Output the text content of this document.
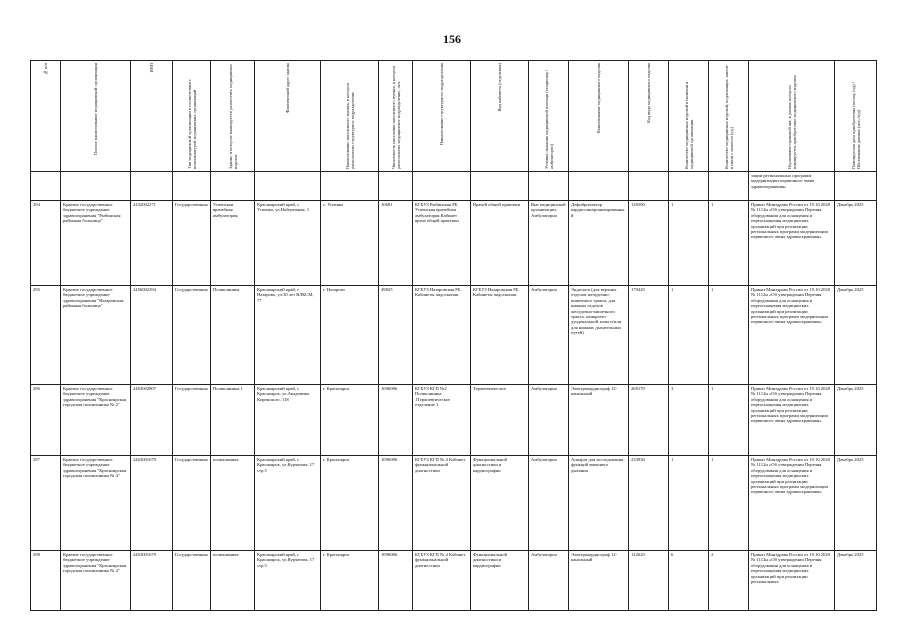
156
№ п/п	Полное наименование медицинской организации	ИНН	Тип медицинской организации в соответствии с номенклатурой медицинских организаций	Здание, в котором планируется разместить медицинское изделие	Фактический адрес здания	Наименование населенного пункта, в котором расположено структурное подразделение	Численность населения населенного пункта, в котором расположено медицинское подразделение, чел.	Наименование структурного подразделения	Вид кабинета (отделения)	Условия оказания медицинской помощи (стационар / амбулаторно)	Наименование медицинского изделия	Код вида медицинского изделия	Количество медицинских изделий в наличии в медицинской организации	Количество медицинских изделий, подлежащих замене в связи с износом (ед.)	Нормативно-правовой акт, в рамках которого планируется приобретение медицинского изделия	Планируемая дата приобретения (месяц, год) / Обоснование данных (мес./год)

															зации региональных программ модернизации первичного звена здравоохранения»	
294	Краевое государственное бюджетное учреждение здравоохранения "Рыбинская районная больница"	2432002271	Государственная	Успенская врачебная амбулатория	Красноярский край, с. Успенка, ул.Набережная, 1	с. Успенка	10681	КГБУЗ Рыбинская РБ Успенская врачебная амбулатория Кабинет врача общей практики	Врачей общей практики	Вне медицинской организации, Амбулаторно	Дефибриллятор кардиосинхронизированный	126500	1	1	Приказ Минздрава России от 19.10.2020 № 1112н «Об утверждении Перечня оборудования для оснащения и переоснащения медицинских организаций при реализации региональных программ модернизации первичного звена здравоохранения»	Декабрь 2025
295	Краевое государственное бюджетное учреждение здравоохранения "Назаровская районная больница"	2456002294	Государственная	Поликлиника	Красноярский край, г. Назарово, ул.30 лет ВЛКСМ, 77	г. Назарово	49825	КГБУЗ Назаровская РБ Кабинеты эндоскопии	КГБУЗ Назаровская РБ Кабинеты эндоскопии	Амбулаторно	Эндоскоп (для верхних отделов желудочно-кишечного тракта, для нижних отделов желудочно-кишечного тракта, панкреато-дуоденальной зоны и/или для нижних дыхательных путей)	179420	1	1	Приказ Минздрава России от 19.10.2020 № 1112н «Об утверждении Перечня оборудования для оснащения и переоснащения медицинских организаций при реализации региональных программ модернизации первичного звена здравоохранения»	Декабрь 2025
296	Краевое государственное бюджетное учреждение здравоохранения "Красноярская городская поликлиника № 2"	2463002807	Государственная	Поликлиника 1	Красноярский край, г. Красноярск, ул.Академика Киренского, 118	г. Красноярск	1096086	КГБУЗ КГП №2 Поликлиника 1Терапевтическое отделение 1	Терапевтическое	Амбулаторно	Электрокардиограф 12-канальный	269170	3	1	Приказ Минздрава России от 19.10.2020 № 1112н «Об утверждении Перечня оборудования для оснащения и переоснащения медицинских организаций при реализации региональных программ модернизации первичного звена здравоохранения»	Декабрь 2025
297	Краевое государственное бюджетное учреждение здравоохранения "Красноярская городская поликлиника № 4"	2463001679	Государственная	поликлиника	Красноярский край, г. Красноярск, ул.Курчатова, 17 стр.5	г. Красноярск	1096086	КГБУЗ КГП № 4 Кабинет функциональной диагностики	Функциональной диагностики и кардиографии	Амбулаторно	Аппарат для исследования функций внешнего дыхания	233930	1	1	Приказ Минздрава России от 19.10.2020 № 1112н «Об утверждении Перечня оборудования для оснащения и переоснащения медицинских организаций при реализации региональных программ модернизации первичного звена здравоохранения»	Декабрь 2025
298	Краевое государственное бюджетное учреждение здравоохранения "Красноярская городская поликлиника № 4"	2463001679	Государственная	поликлиника	Красноярский край, г. Красноярск, ул.Курчатова, 17 стр.5	г. Красноярск	1096086	КГБУЗ КГП № 4 Кабинет функциональной диагностики	Функциональной диагностики и кардиографии	Амбулаторно	Электрокардиограф 12-канальный	122620	6	2	Приказ Минздрава России от 19.10.2020 № 1112н «Об утверждении Перечня оборудования для оснащения и переоснащения медицинских организаций при реализации региональных	Декабрь 2025
